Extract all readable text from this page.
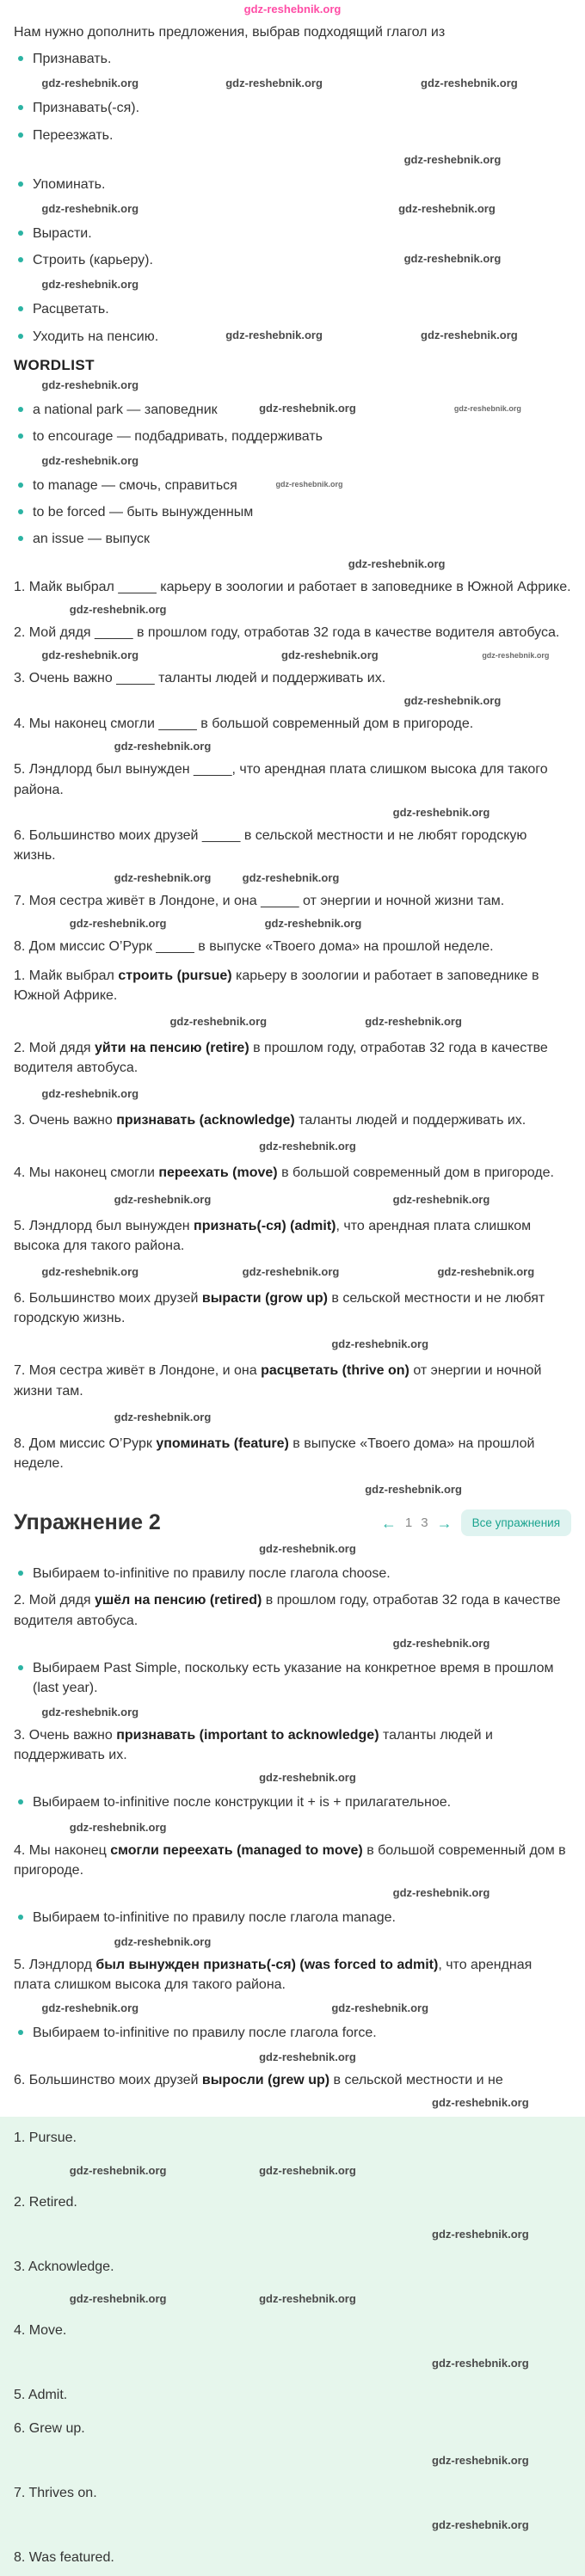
gdz-reshebnik.org

Нам нужно дополнить предложения, выбрав подходящий глагол из

Признавать.
gdz-reshebnik.org	gdz-reshebnik.org	gdz-reshebnik.org
Признавать(-ся).
Переезжать.
gdz-reshebnik.org
Упоминать.
gdz-reshebnik.org	gdz-reshebnik.org
Вырасти.
Строить (карьеру).	gdz-reshebnik.org
gdz-reshebnik.org
Расцветать.
Уходить на пенсию.	gdz-reshebnik.org	gdz-reshebnik.org
WORDLIST
gdz-reshebnik.org
a national park — заповедник	gdz-reshebnik.org	gdz-reshebnik.org
to encourage — подбадривать, поддерживать
gdz-reshebnik.org
to manage — смочь, справиться	gdz-reshebnik.org
to be forced — быть вынужденным
an issue — выпуск
gdz-reshebnik.org

1. Майк выбрал _____ карьеру в зоологии и работает в заповеднике в Южной Африке.

gdz-reshebnik.org

2. Мой дядя _____ в прошлом году, отработав 32 года в качестве водителя автобуса.

gdz-reshebnik.org	gdz-reshebnik.org	gdz-reshebnik.org

3. Очень важно _____ таланты людей и поддерживать их.

gdz-reshebnik.org

4. Мы наконец смогли _____ в большой современный дом в пригороде.

gdz-reshebnik.org

5. Лэндлорд был вынужден _____, что арендная плата слишком высока для такого района.

gdz-reshebnik.org

6. Большинство моих друзей _____ в сельской местности и не любят городскую жизнь.

gdz-reshebnik.org	gdz-reshebnik.org

7. Моя сестра живёт в Лондоне, и она _____ от энергии и ночной жизни там.

gdz-reshebnik.org	gdz-reshebnik.org

8. Дом миссис О’Рурк _____ в выпуске «Твоего дома» на прошлой неделе.

1. Майк выбрал строить (pursue) карьеру в зоологии и работает в заповеднике в Южной Африке.

gdz-reshebnik.org	gdz-reshebnik.org

2. Мой дядя уйти на пенсию (retire) в прошлом году, отработав 32 года в качестве водителя автобуса.

gdz-reshebnik.org

3. Очень важно признавать (acknowledge) таланты людей и поддерживать их.

gdz-reshebnik.org

4. Мы наконец смогли переехать (move) в большой современный дом в пригороде.

gdz-reshebnik.org	gdz-reshebnik.org

5. Лэндлорд был вынужден признать(-ся) (admit), что арендная плата слишком высока для такого района.

gdz-reshebnik.org	gdz-reshebnik.org	gdz-reshebnik.org

6. Большинство моих друзей вырасти (grow up) в сельской местности и не любят городскую жизнь.

gdz-reshebnik.org

7. Моя сестра живёт в Лондоне, и она расцветать (thrive on) от энергии и ночной жизни там.

gdz-reshebnik.org

8. Дом миссис О’Рурк упоминать (feature) в выпуске «Твоего дома» на прошлой неделе.

gdz-reshebnik.org
Упражнение 2	← 1 3 →	Все упражнения
gdz-reshebnik.org
Выбираем to-infinitive по правилу после глагола choose.

2. Мой дядя ушёл на пенсию (retired) в прошлом году, отработав 32 года в качестве водителя автобуса.

gdz-reshebnik.org
Выбираем Past Simple, поскольку есть указание на конкретное время в прошлом (last year).
gdz-reshebnik.org

3. Очень важно признавать (important to acknowledge) таланты людей и поддерживать их.

gdz-reshebnik.org
Выбираем to-infinitive после конструкции it + is + прилагательное.
gdz-reshebnik.org

4. Мы наконец смогли переехать (managed to move) в большой современный дом в пригороде.

gdz-reshebnik.org
Выбираем to-infinitive по правилу после глагола manage.
gdz-reshebnik.org

5. Лэндлорд был вынужден признать(-ся) (was forced to admit), что арендная плата слишком высока для такого района.

gdz-reshebnik.org	gdz-reshebnik.org
Выбираем to-infinitive по правилу после глагола force.
gdz-reshebnik.org

6. Большинство моих друзей выросли (grew up) в сельской местности и не

gdz-reshebnik.org

1. Pursue.

gdz-reshebnik.org	gdz-reshebnik.org

2. Retired.

gdz-reshebnik.org

3. Acknowledge.

gdz-reshebnik.org	gdz-reshebnik.org

4. Move.

gdz-reshebnik.org

5. Admit.

6. Grew up.

gdz-reshebnik.org

7. Thrives on.

gdz-reshebnik.org

8. Was featured.
